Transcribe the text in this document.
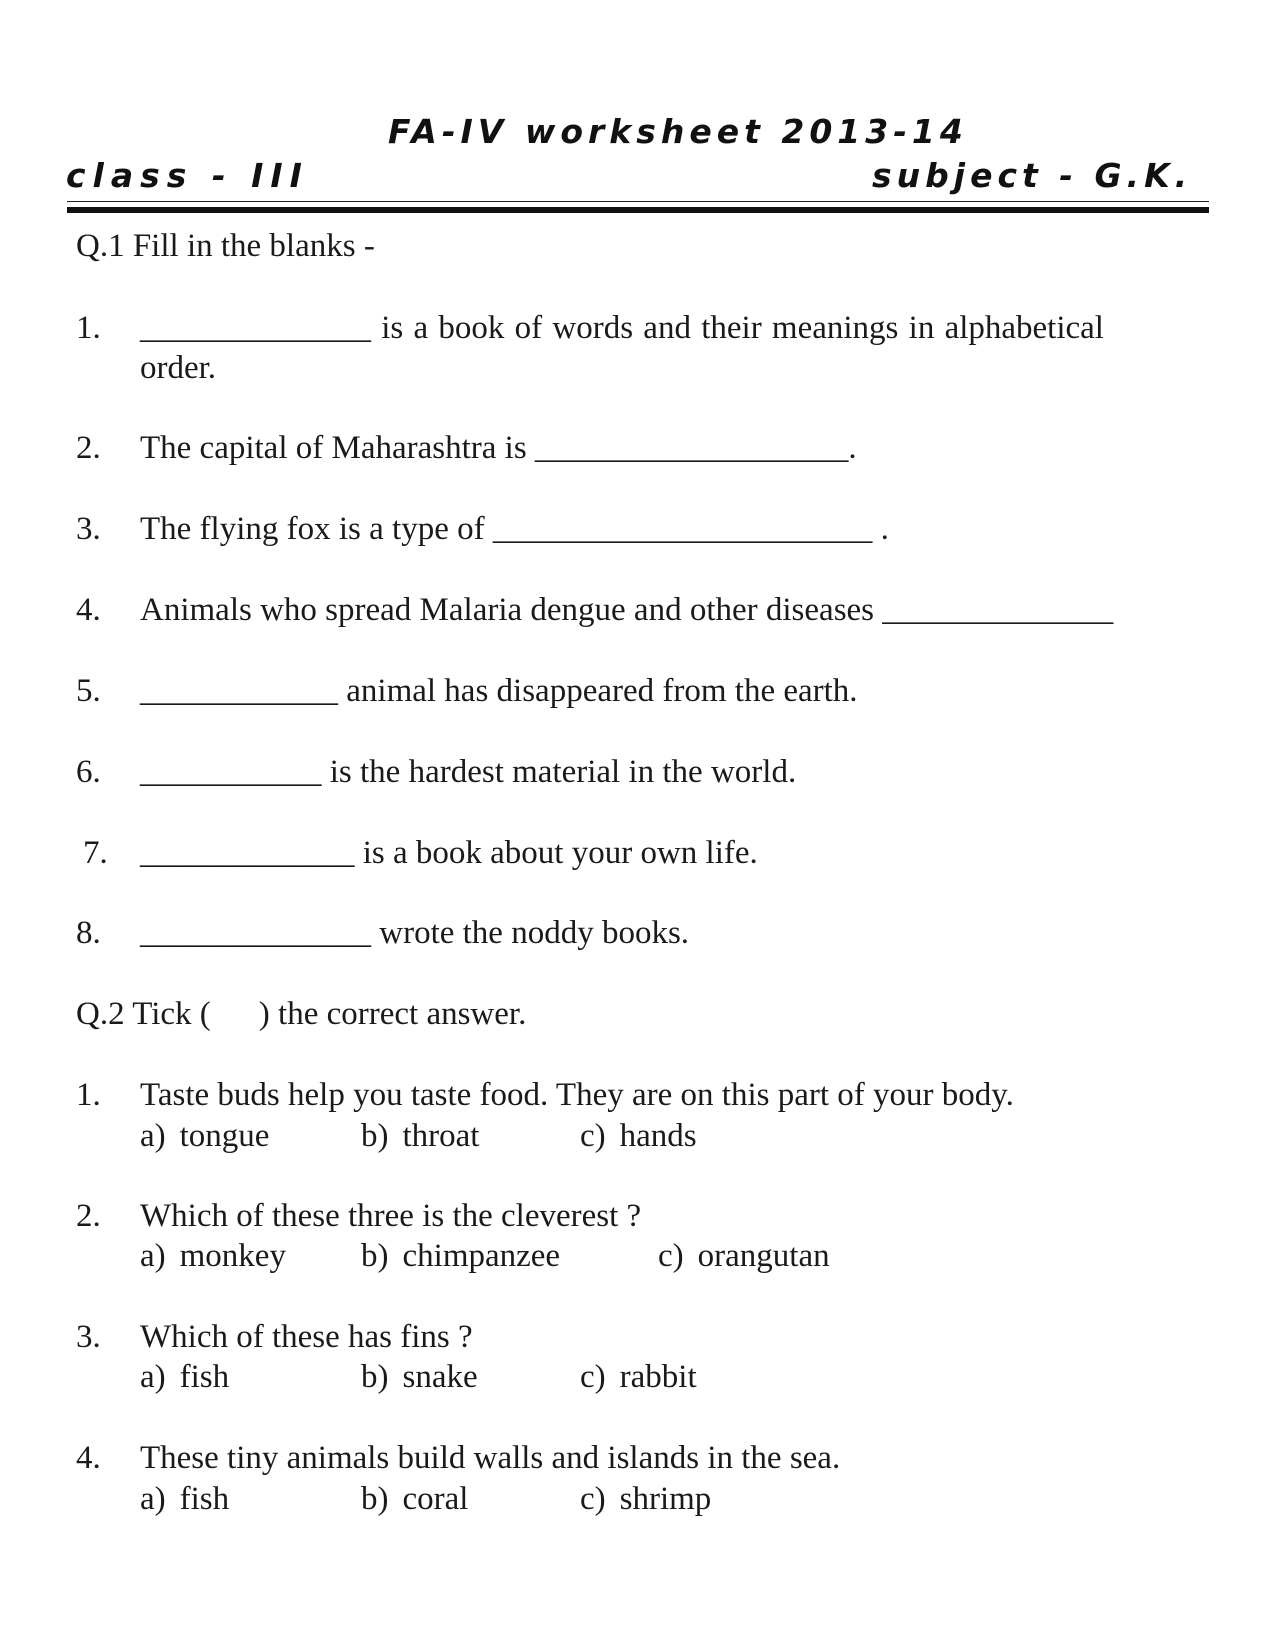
FA-IV worksheet 2013-14
class - III	subject - G.K.
Q.1 Fill in the blanks -
1. ______________ is a book of words and their meanings in alphabetical
order.
2. The capital of Maharashtra is ___________________.
3. The flying fox is a type of _______________________ .
4. Animals who spread Malaria dengue and other diseases ______________
5. ____________ animal has disappeared from the earth.
6. ___________ is the hardest material in the world.
7. _____________ is a book about your own life.
8. ______________ wrote the noddy books.
Q.2 Tick ( ) the correct answer.
1. Taste buds help you taste food. They are on this part of your body.
a) tongue	b) throat	c) hands
2. Which of these three is the cleverest ?
a) monkey b) chimpanzee	c) orangutan
3. Which of these has fins ?
a) fish	b) snake	c) rabbit
4. These tiny animals build walls and islands in the sea.
a) fish	b) coral	c) shrimp
